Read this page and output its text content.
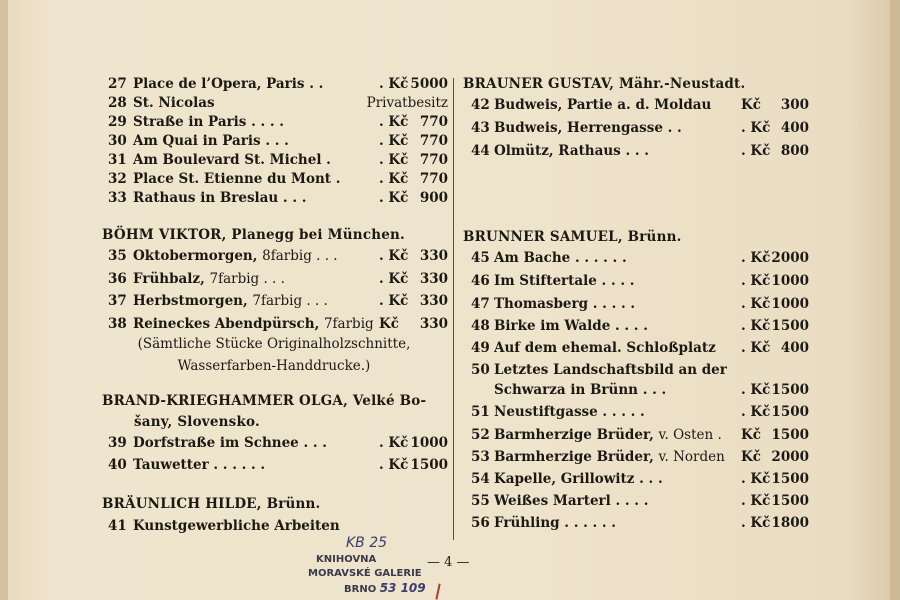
27 Place de l’Opera, Paris . .	. Kč 5000
28 St. Nicolas	Privatbesitz
29 Straße in Paris . . . .	. Kč 770
30 Am Quai in Paris . . .	. Kč 770
31 Am Boulevard St. Michel .	. Kč 770
32 Place St. Etienne du Mont .	. Kč 770
33 Rathaus in Breslau . . .	. Kč 900
BÖHM VIKTOR, Planegg bei München.
35 Oktobermorgen, 8farbig . . .	. Kč 330
36 Frühbalz, 7farbig . . .	. Kč 330
37 Herbstmorgen, 7farbig . . .	. Kč 330
38 Reineckes Abendpürsch, 7farbig Kč 330
(Sämtliche Stücke Originalholzschnitte,
Wasserfarben-Handdrucke.)
BRAND-KRIEGHAMMER OLGA, Velké Bo-
šany, Slovensko.
39 Dorfstraße im Schnee . . .	. Kč 1000
40 Tauwetter . . . . . .	. Kč 1500
BRÄUNLICH HILDE, Brünn.
41 Kunstgewerbliche Arbeiten
BRAUNER GUSTAV, Mähr.-Neustadt.
42 Budweis, Partie a. d. Moldau Kč 300
43 Budweis, Herrengasse . .	. Kč 400
44 Olmütz, Rathaus . . .	. Kč 800
BRUNNER SAMUEL, Brünn.
45 Am Bache . . . . . .	. Kč 2000
46 Im Stiftertale . . . .	. Kč 1000
47 Thomasberg . . . . .	. Kč 1000
48 Birke im Walde . . . .	. Kč 1500
49 Auf dem ehemal. Schloßplatz . Kč 400
50 Letztes Landschaftsbild an der
Schwarza in Brünn . . .	. Kč 1500
51 Neustiftgasse . . . . .	. Kč 1500
52 Barmherzige Brüder, v. Osten . Kč 1500
53 Barmherzige Brüder, v. Norden Kč 2000
54 Kapelle, Grillowitz . . .	. Kč 1500
55 Weißes Marterl . . . .	. Kč 1500
56 Frühling . . . . . .	. Kč 1800
KB 25
KNIHOVNA
MORAVSKÉ GALERIE
BRNO 53 109
— 4 —
